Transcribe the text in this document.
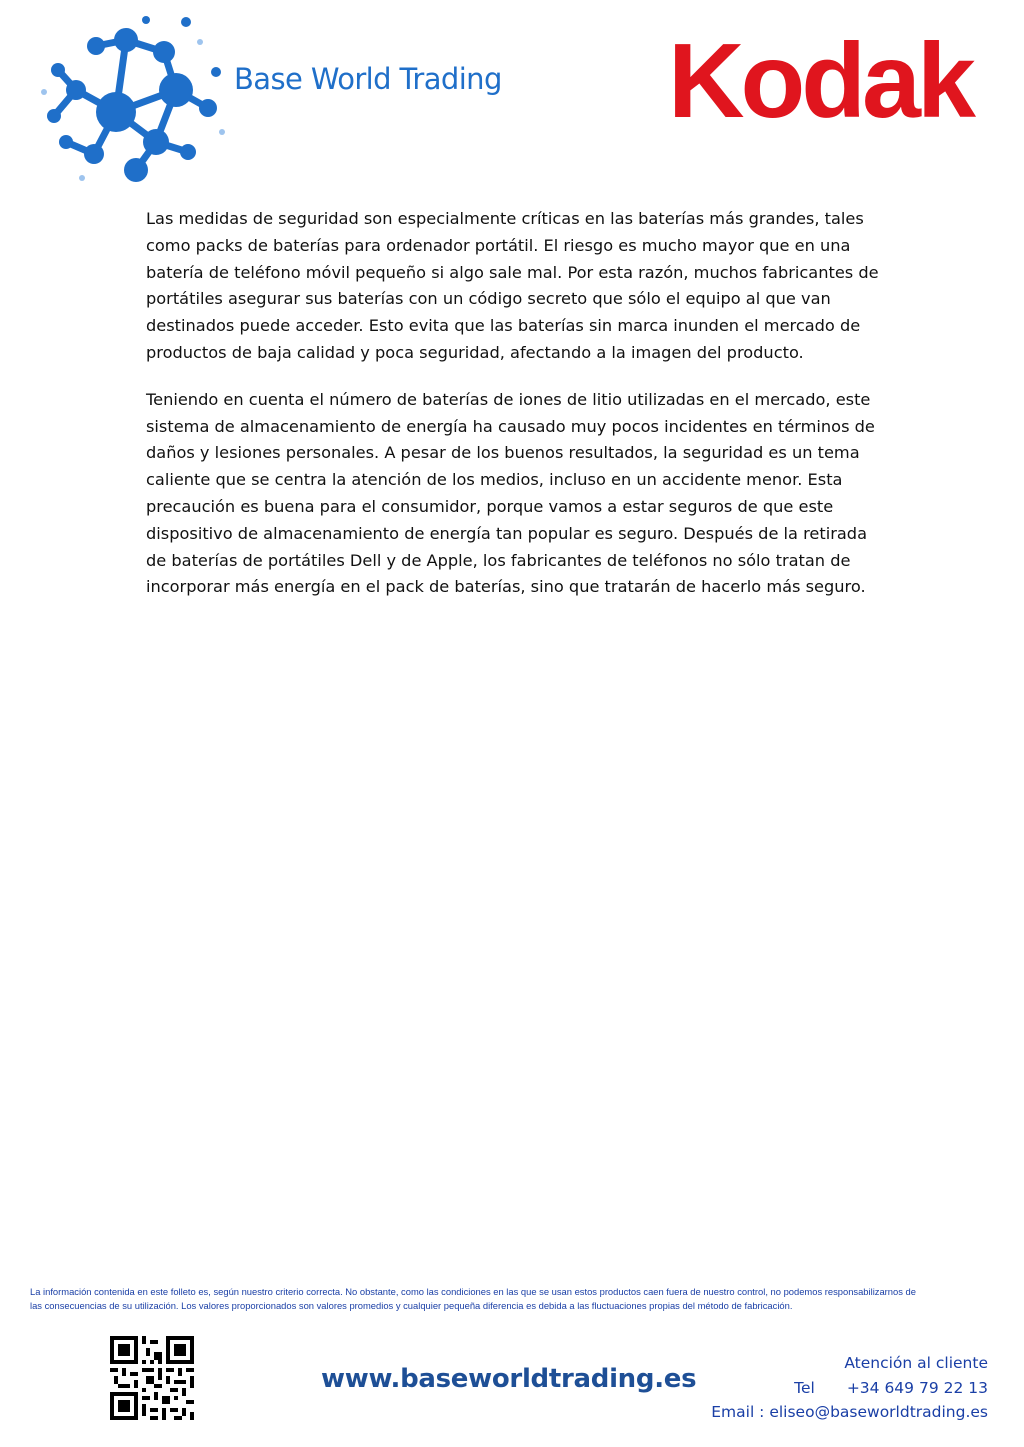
Base World Trading Kodak

Las medidas de seguridad son especialmente críticas en las baterías más grandes, tales como packs de baterías para ordenador portátil. El riesgo es mucho mayor que en una batería de teléfono móvil pequeño si algo sale mal. Por esta razón, muchos fabricantes de portátiles asegurar sus baterías con un código secreto que sólo el equipo al que van destinados puede acceder. Esto evita que las baterías sin marca inunden el mercado de productos de baja calidad y poca seguridad, afectando a la imagen del producto.

Teniendo en cuenta el número de baterías de iones de litio utilizadas en el mercado, este sistema de almacenamiento de energía ha causado muy pocos incidentes en términos de daños y lesiones personales. A pesar de los buenos resultados, la seguridad es un tema caliente que se centra la atención de los medios, incluso en un accidente menor. Esta precaución es buena para el consumidor, porque vamos a estar seguros de que este dispositivo de almacenamiento de energía tan popular es seguro. Después de la retirada de baterías de portátiles Dell y de Apple, los fabricantes de teléfonos no sólo tratan de incorporar más energía en el pack de baterías, sino que tratarán de hacerlo más seguro.

La información contenida en este folleto es, según nuestro criterio correcta. No obstante, como las condiciones en las que se usan estos productos caen fuera de nuestro control, no podemos responsabilizarnos de
las consecuencias de su utilización. Los valores proporcionados son valores promedios y cualquier pequeña diferencia es debida a las fluctuaciones propias del método de fabricación.
www.baseworldtrading.es
Atención al cliente
Tel +34 649 79 22 13
Email : eliseo@baseworldtrading.es
